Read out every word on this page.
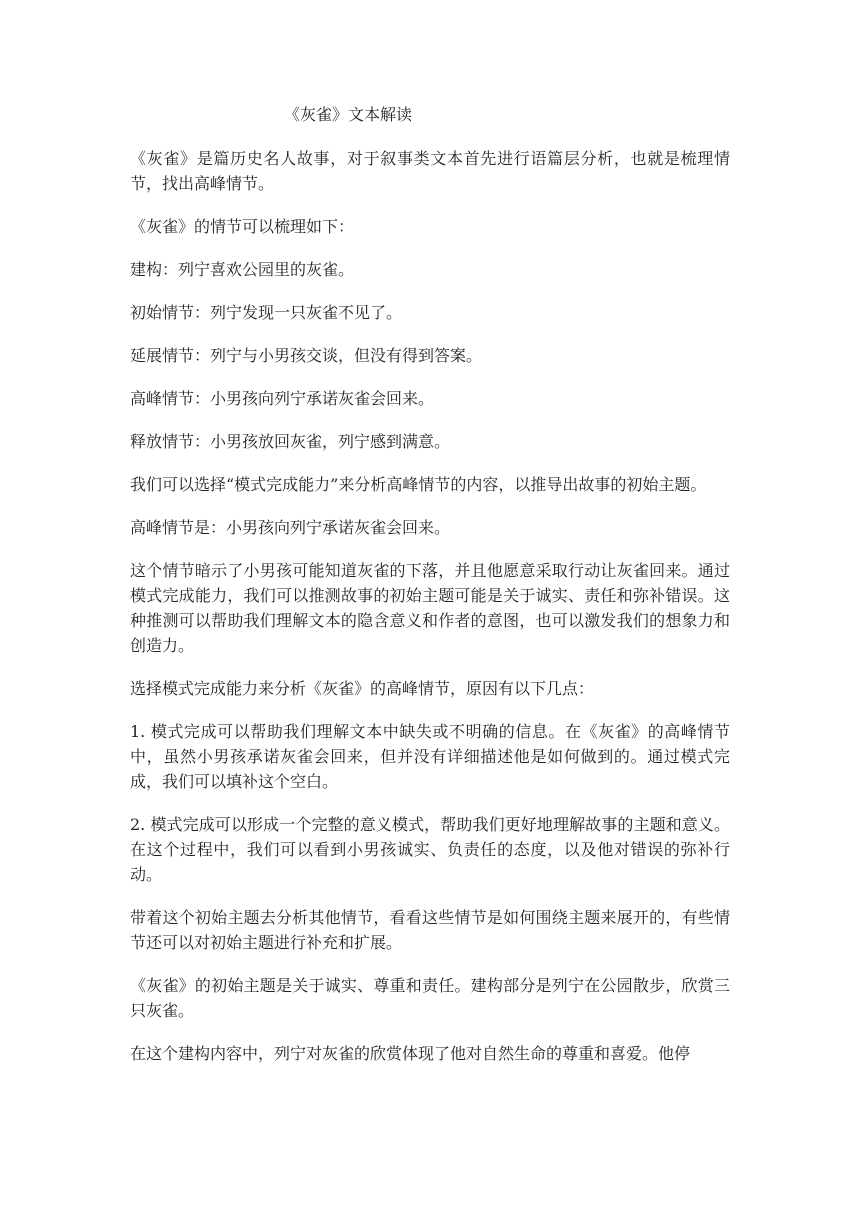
《灰雀》文本解读

《灰雀》是篇历史名人故事，对于叙事类文本首先进行语篇层分析，也就是梳理情节，找出高峰情节。

《灰雀》的情节可以梳理如下：

建构：列宁喜欢公园里的灰雀。

初始情节：列宁发现一只灰雀不见了。

延展情节：列宁与小男孩交谈，但没有得到答案。

高峰情节：小男孩向列宁承诺灰雀会回来。

释放情节：小男孩放回灰雀，列宁感到满意。

我们可以选择“模式完成能力”来分析高峰情节的内容，以推导出故事的初始主题。

高峰情节是：小男孩向列宁承诺灰雀会回来。

这个情节暗示了小男孩可能知道灰雀的下落，并且他愿意采取行动让灰雀回来。通过模式完成能力，我们可以推测故事的初始主题可能是关于诚实、责任和弥补错误。这种推测可以帮助我们理解文本的隐含意义和作者的意图，也可以激发我们的想象力和创造力。

选择模式完成能力来分析《灰雀》的高峰情节，原因有以下几点：

1. 模式完成可以帮助我们理解文本中缺失或不明确的信息。在《灰雀》的高峰情节中，虽然小男孩承诺灰雀会回来，但并没有详细描述他是如何做到的。通过模式完成，我们可以填补这个空白。

2. 模式完成可以形成一个完整的意义模式，帮助我们更好地理解故事的主题和意义。在这个过程中，我们可以看到小男孩诚实、负责任的态度，以及他对错误的弥补行动。

带着这个初始主题去分析其他情节，看看这些情节是如何围绕主题来展开的，有些情节还可以对初始主题进行补充和扩展。

《灰雀》的初始主题是关于诚实、尊重和责任。建构部分是列宁在公园散步，欣赏三只灰雀。

在这个建构内容中，列宁对灰雀的欣赏体现了他对自然生命的尊重和喜爱。他停
